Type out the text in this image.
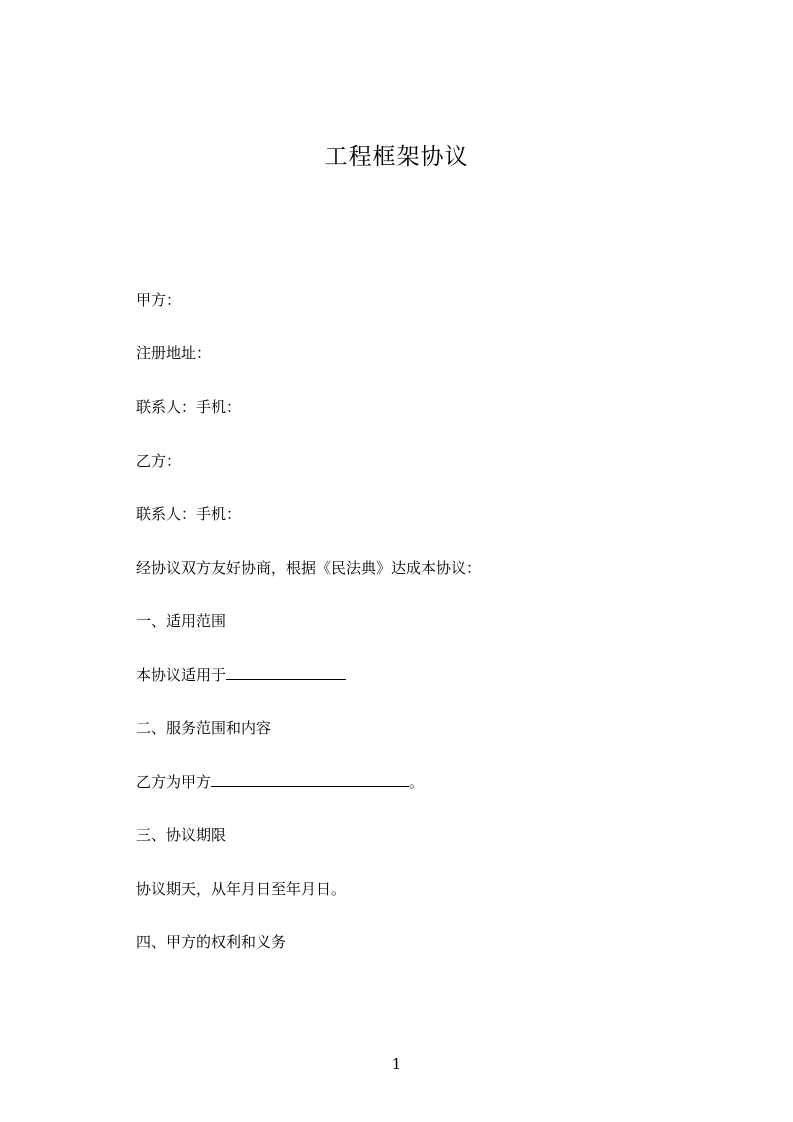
工程框架协议
甲方：
注册地址：
联系人：手机：
乙方：
联系人：手机：
经协议双方友好协商，根据《民法典》达成本协议：
一、适用范围
本协议适用于
二、服务范围和内容
乙方为甲方	。
三、协议期限
协议期天，从年月日至年月日。
四、甲方的权利和义务
1
